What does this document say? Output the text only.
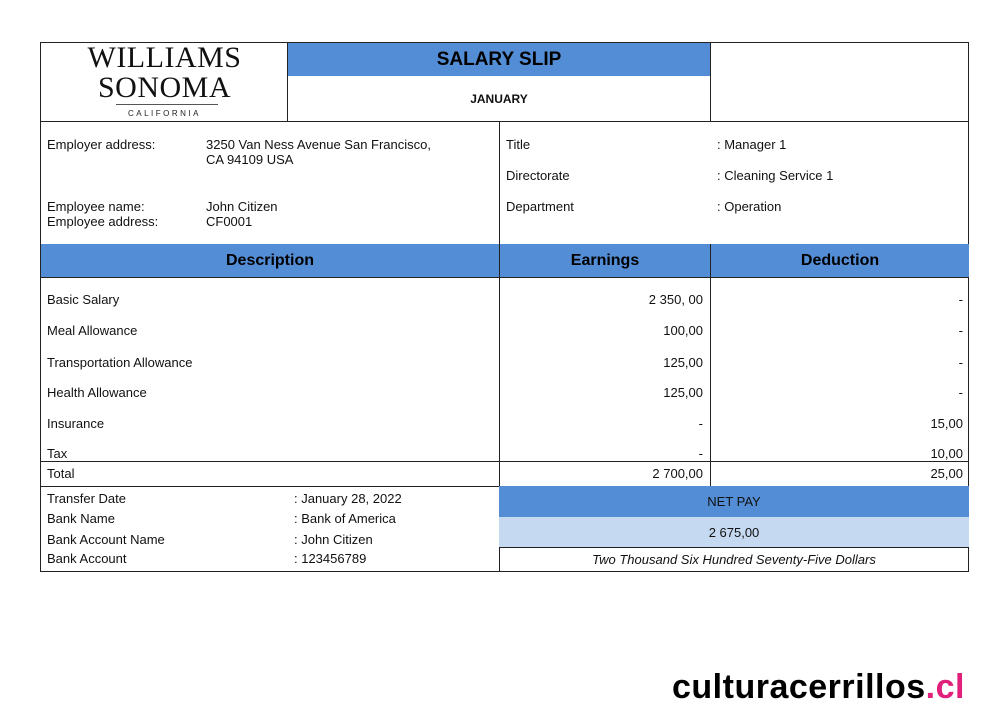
WILLIAMS
SONOMA
CALIFORNIA
SALARY SLIP
JANUARY
Employer address:	3250 Van Ness Avenue San Francisco,
CA 94109 USA
Employee name:	John Citizen
Employee address:	CF0001
Title	: Manager 1
Directorate	: Cleaning Service 1
Department	: Operation
Description	Earnings	Deduction
Basic Salary	2 350, 00	-
Meal Allowance	100,00	-
Transportation Allowance	125,00	-
Health Allowance	125,00	-
Insurance	-	15,00
Tax	-	10,00
Total	2 700,00	25,00
Transfer Date	: January 28, 2022
Bank Name	: Bank of America
Bank Account Name	: John Citizen
Bank Account	: 123456789
NET PAY
2 675,00
Two Thousand Six Hundred Seventy-Five Dollars
culturacerrillos.cl
